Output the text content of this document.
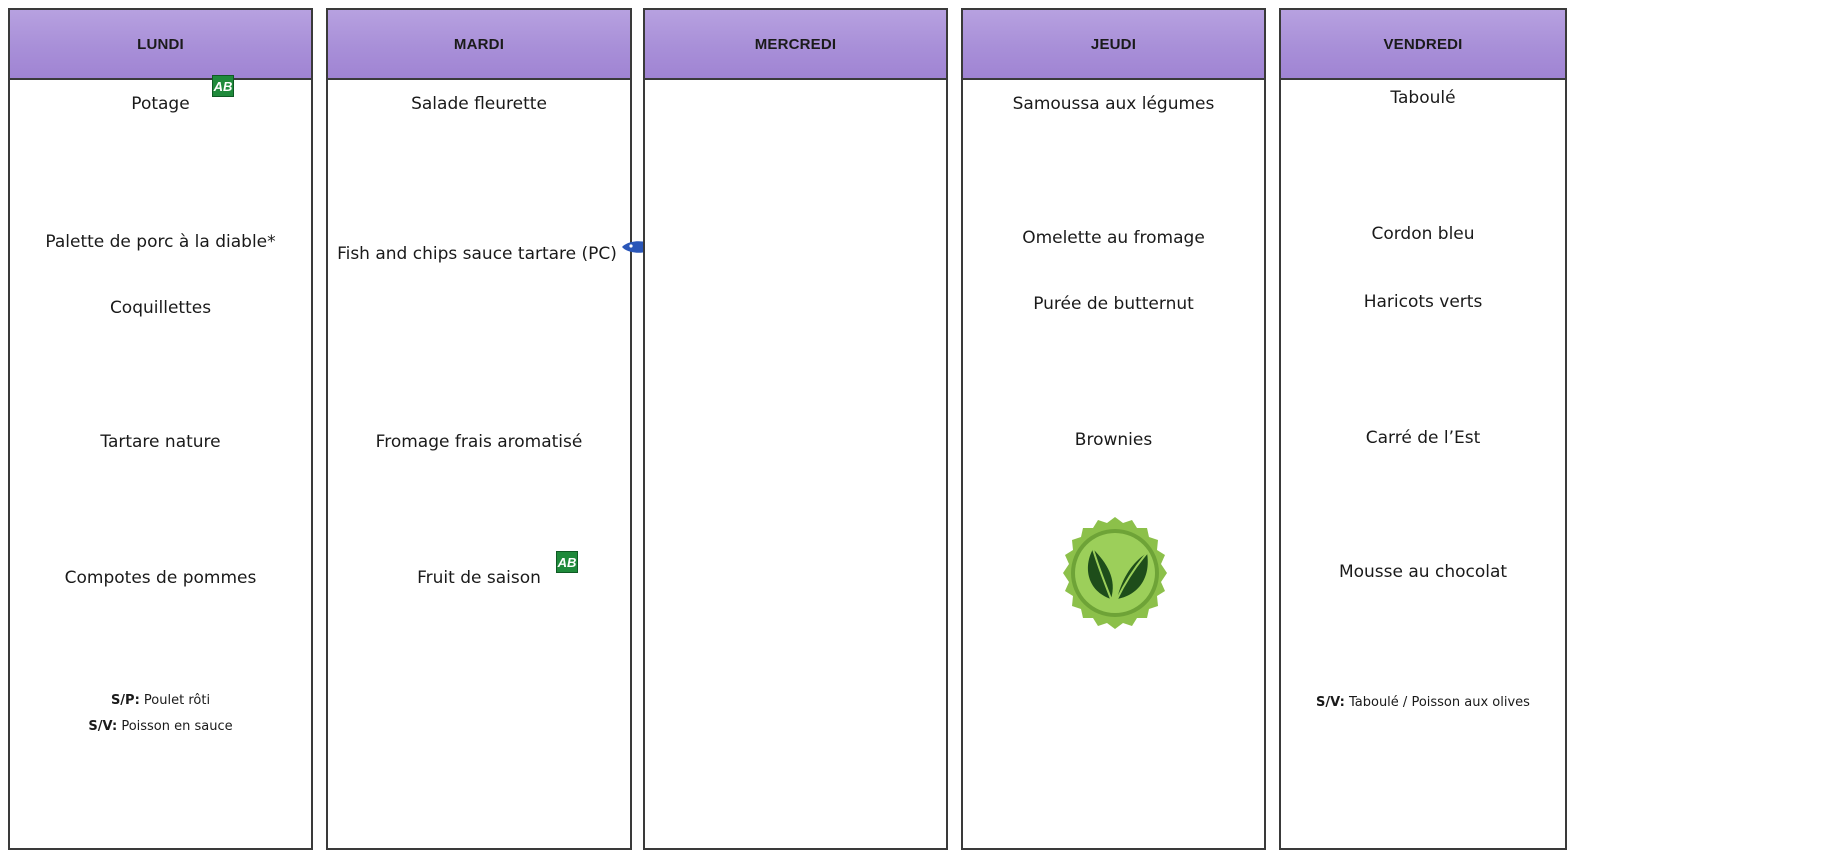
LUNDI
Potage
AB
Palette de porc à la diable*
Coquillettes
Tartare nature
Compotes de pommes
S/P: Poulet rôti
S/V: Poisson en sauce
MARDI
Salade fleurette
Fish and chips sauce tartare (PC)
Fromage frais aromatisé
Fruit de saison
AB
MERCREDI	JEUDI
Samoussa aux légumes
Omelette au fromage
Purée de butternut
Brownies
VENDREDI
Taboulé
Cordon bleu
Haricots verts
Carré de l’Est
Mousse au chocolat
S/V: Taboulé / Poisson aux olives
